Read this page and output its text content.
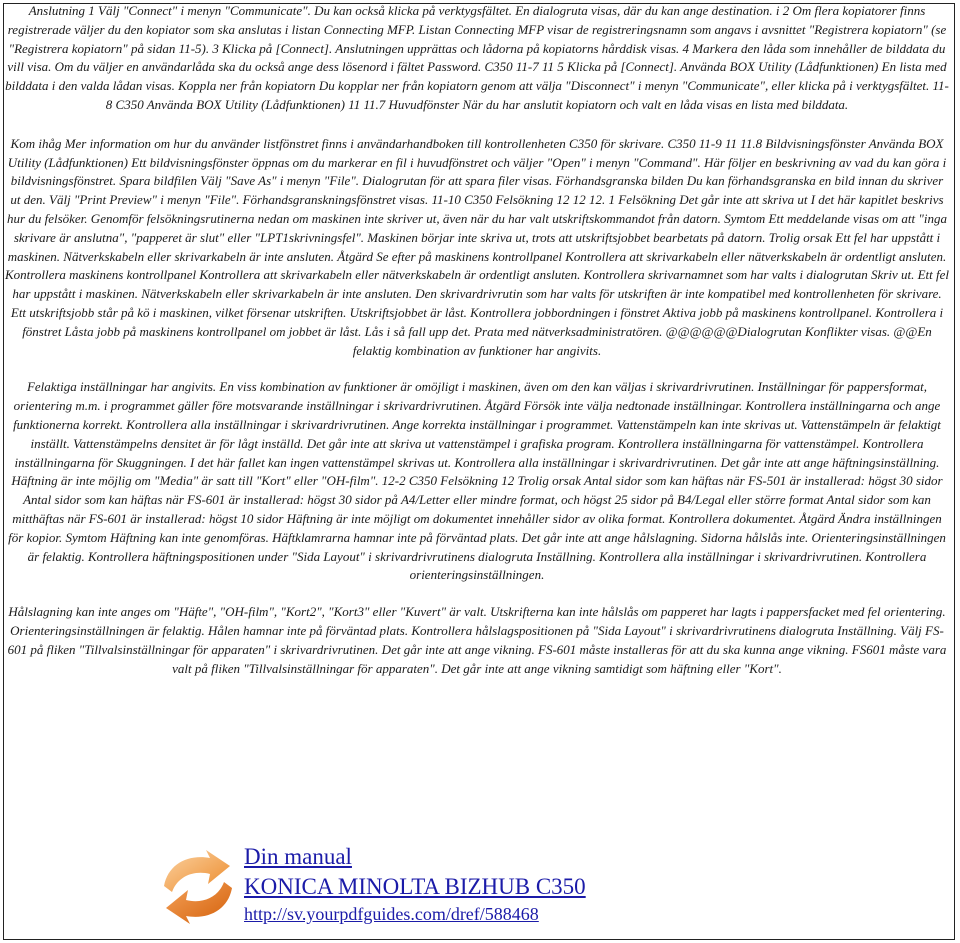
Anslutning 1 Välj "Connect" i menyn "Communicate". Du kan också klicka på verktygsfältet. En dialogruta visas, där du kan ange destination. i 2 Om flera kopiatorer finns registrerade väljer du den kopiator som ska anslutas i listan Connecting MFP. Listan Connecting MFP visar de registreringsnamn som angavs i avsnittet "Registrera kopiatorn" (se "Registrera kopiatorn" på sidan 11-5). 3 Klicka på [Connect]. Anslutningen upprättas och lådorna på kopiatorns hårddisk visas. 4 Markera den låda som innehåller de bilddata du vill visa. Om du väljer en användarlåda ska du också ange dess lösenord i fältet Password. C350 11-7 11 5 Klicka på [Connect]. Använda BOX Utility (Lådfunktionen) En lista med bilddata i den valda lådan visas. Koppla ner från kopiatorn Du kopplar ner från kopiatorn genom att välja "Disconnect" i menyn "Communicate", eller klicka på i verktygsfältet. 11-8 C350 Använda BOX Utility (Lådfunktionen) 11 11.7 Huvudfönster När du har anslutit kopiatorn och valt en låda visas en lista med bilddata.

Kom ihåg Mer information om hur du använder listfönstret finns i användarhandboken till kontrollenheten C350 för skrivare. C350 11-9 11 11.8 Bildvisningsfönster Använda BOX Utility (Lådfunktionen) Ett bildvisningsfönster öppnas om du markerar en fil i huvudfönstret och väljer "Open" i menyn "Command". Här följer en beskrivning av vad du kan göra i bildvisningsfönstret. Spara bildfilen Välj "Save As" i menyn "File". Dialogrutan för att spara filer visas. Förhandsgranska bilden Du kan förhandsgranska en bild innan du skriver ut den. Välj "Print Preview" i menyn "File". Förhandsgranskningsfönstret visas. 11-10 C350 Felsökning 12 12 12. 1 Felsökning Det går inte att skriva ut I det här kapitlet beskrivs hur du felsöker. Genomför felsökningsrutinerna nedan om maskinen inte skriver ut, även när du har valt utskriftskommandot från datorn. Symtom Ett meddelande visas om att "inga skrivare är anslutna", "papperet är slut" eller "LPT1skrivningsfel". Maskinen börjar inte skriva ut, trots att utskriftsjobbet bearbetats på datorn. Trolig orsak Ett fel har uppstått i maskinen. Nätverkskabeln eller skrivarkabeln är inte ansluten. Åtgärd Se efter på maskinens kontrollpanel Kontrollera att skrivarkabeln eller nätverkskabeln är ordentligt ansluten. Kontrollera maskinens kontrollpanel Kontrollera att skrivarkabeln eller nätverkskabeln är ordentligt ansluten. Kontrollera skrivarnamnet som har valts i dialogrutan Skriv ut. Ett fel har uppstått i maskinen. Nätverkskabeln eller skrivarkabeln är inte ansluten. Den skrivardrivrutin som har valts för utskriften är inte kompatibel med kontrollenheten för skrivare. Ett utskriftsjobb står på kö i maskinen, vilket försenar utskriften. Utskriftsjobbet är låst. Kontrollera jobbordningen i fönstret Aktiva jobb på maskinens kontrollpanel. Kontrollera i fönstret Låsta jobb på maskinens kontrollpanel om jobbet är låst. Lås i så fall upp det. Prata med nätverksadministratören. @@@@@@Dialogrutan Konflikter visas. @@En felaktig kombination av funktioner har angivits.

Felaktiga inställningar har angivits. En viss kombination av funktioner är omöjligt i maskinen, även om den kan väljas i skrivardrivrutinen. Inställningar för pappersformat, orientering m.m. i programmet gäller före motsvarande inställningar i skrivardrivrutinen. Åtgärd Försök inte välja nedtonade inställningar. Kontrollera inställningarna och ange funktionerna korrekt. Kontrollera alla inställningar i skrivardrivrutinen. Ange korrekta inställningar i programmet. Vattenstämpeln kan inte skrivas ut. Vattenstämpeln är felaktigt inställt. Vattenstämpelns densitet är för lågt inställd. Det går inte att skriva ut vattenstämpel i grafiska program. Kontrollera inställningarna för vattenstämpel. Kontrollera inställningarna för Skuggningen. I det här fallet kan ingen vattenstämpel skrivas ut. Kontrollera alla inställningar i skrivardrivrutinen. Det går inte att ange häftningsinställning. Häftning är inte möjlig om "Media" är satt till "Kort" eller "OH-film". 12-2 C350 Felsökning 12 Trolig orsak Antal sidor som kan häftas när FS-501 är installerad: högst 30 sidor Antal sidor som kan häftas när FS-601 är installerad: högst 30 sidor på A4/Letter eller mindre format, och högst 25 sidor på B4/Legal eller större format Antal sidor som kan mitthäftas när FS-601 är installerad: högst 10 sidor Häftning är inte möjligt om dokumentet innehåller sidor av olika format. Kontrollera dokumentet. Åtgärd Ändra inställningen för kopior. Symtom Häftning kan inte genomföras. Häftklamrarna hamnar inte på förväntad plats. Det går inte att ange hålslagning. Sidorna hålslås inte. Orienteringsinställningen är felaktig. Kontrollera häftningspositionen under "Sida Layout" i skrivardrivrutinens dialogruta Inställning. Kontrollera alla inställningar i skrivardrivrutinen. Kontrollera orienteringsinställningen.

Hålslagning kan inte anges om "Häfte", "OH-film", "Kort2", "Kort3" eller "Kuvert" är valt. Utskrifterna kan inte hålslås om papperet har lagts i pappersfacket med fel orientering. Orienteringsinställningen är felaktig. Hålen hamnar inte på förväntad plats. Kontrollera hålslagspositionen på "Sida Layout" i skrivardrivrutinens dialogruta Inställning. Välj FS-601 på fliken "Tillvalsinställningar för apparaten" i skrivardrivrutinen. Det går inte att ange vikning. FS-601 måste installeras för att du ska kunna ange vikning. FS601 måste vara valt på fliken "Tillvalsinställningar för apparaten". Det går inte att ange vikning samtidigt som häftning eller "Kort".

Din manual
KONICA MINOLTA BIZHUB C350
http://sv.yourpdfguides.com/dref/588468
